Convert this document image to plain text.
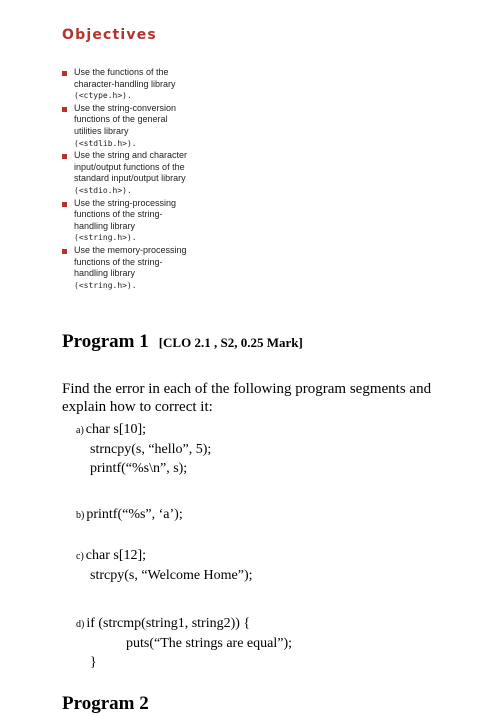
Objectives
Use the functions of the
character-handling library
(<ctype.h>).
Use the string-conversion
functions of the general
utilities library
(<stdlib.h>).
Use the string and character
input/output functions of the
standard input/output library
(<stdio.h>).
Use the string-processing
functions of the string-
handling library
(<string.h>).
Use the memory-processing
functions of the string-
handling library
(<string.h>).
Program 1 [CLO 2.1 , S2, 0.25 Mark]
Find the error in each of the following program segments and
explain how to correct it:
a) char s[10];
strncpy(s, “hello”, 5);
printf(“%s\n”, s);
b) printf(“%s”, ‘a’);
c) char s[12];
strcpy(s, “Welcome Home”);
d) if (strcmp(string1, string2)) {
puts(“The strings are equal”);
}
Program 2
